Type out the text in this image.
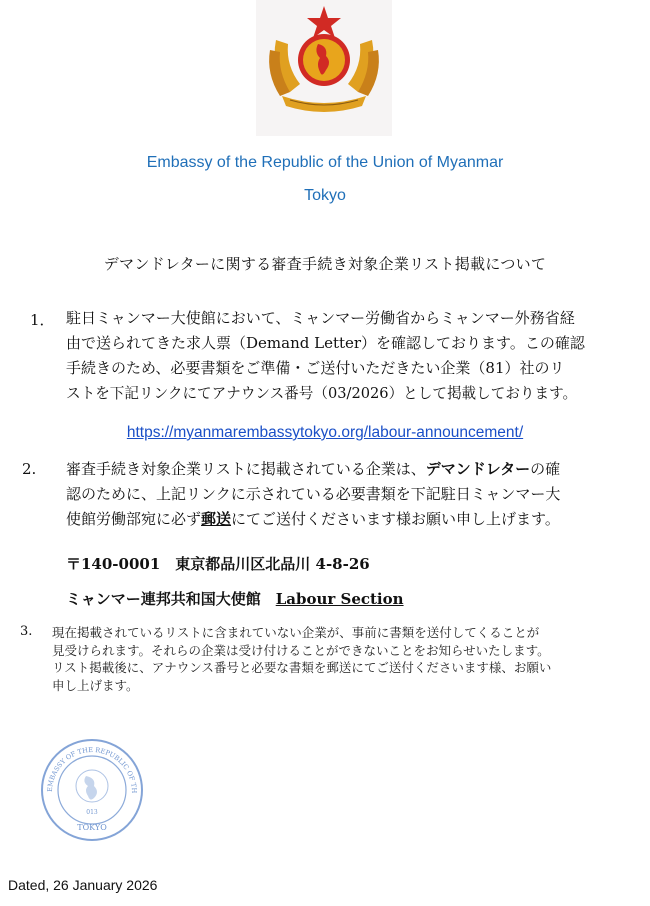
Embassy of the Republic of the Union of Myanmar
Tokyo
デマンドレターに関する審査手続き対象企業リスト掲載について
1． 駐日ミャンマー大使館において、ミャンマー労働省からミャンマー外務省経
由で送られてきた求人票（Demand Letter）を確認しております。この確認
手続きのため、必要書類をご準備・ご送付いただきたい企業（81）社のリ
ストを下記リンクにてアナウンス番号（03/2026）として掲載しております。
https://myanmarembassytokyo.org/labour-announcement/
2. 審査手続き対象企業リストに掲載されている企業は、デマンドレターの確
認のために、上記リンクに示されている必要書類を下記駐日ミャンマー大
使館労働部宛に必ず郵送にてご送付くださいます様お願い申し上げます。
〒140-0001　東京都品川区北品川 4-8-26
ミャンマー連邦共和国大使館　Labour Section
3. 現在掲載されているリストに含まれていない企業が、事前に書類を送付してくることが
見受けられます。それらの企業は受け付けることができないことをお知らせいたします。
リスト掲載後に、アナウンス番号と必要な書類を郵送にてご送付くださいます様、お願い
申し上げます。
EMBASSY OF THE REPUBLIC OF TH
013
TOKYO
Dated, 26 January 2026
